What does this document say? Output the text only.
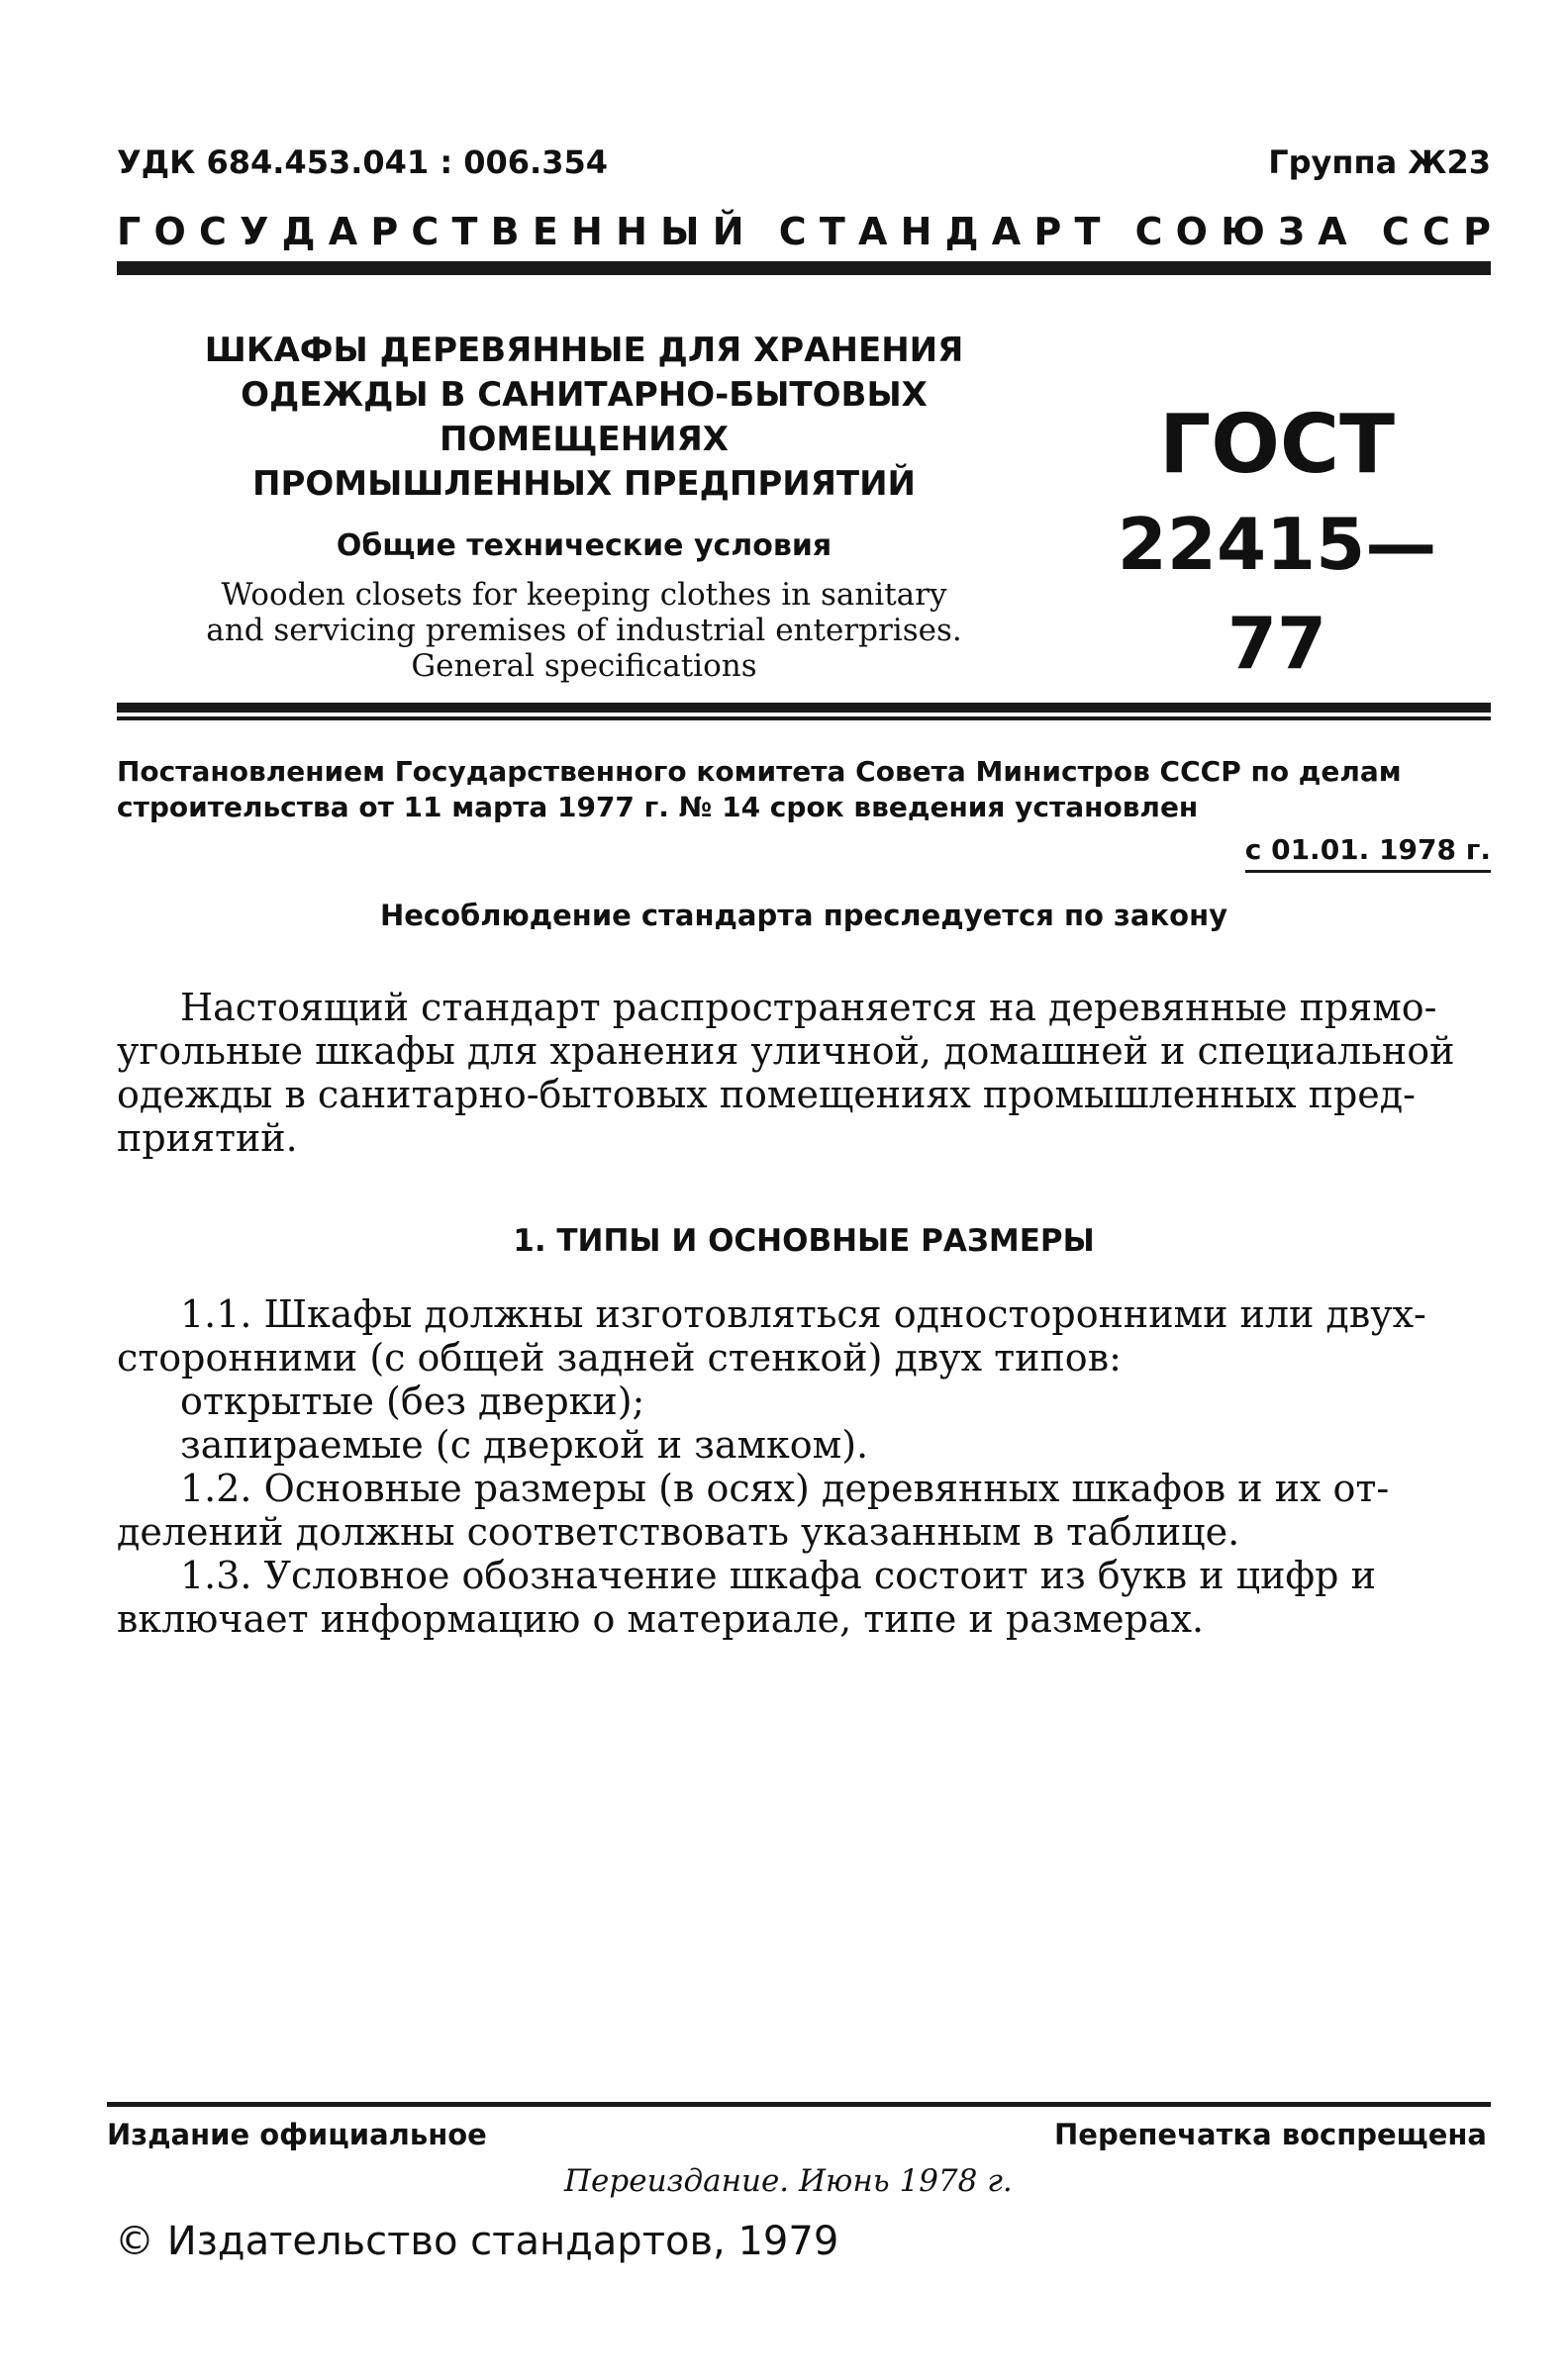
УДК 684.453.041 : 006.354	Группа Ж23
Г О С У Д А Р С Т В Е Н Н Ы Й С Т А Н Д А Р Т С О Ю З А С С Р

ШКАФЫ ДЕРЕВЯННЫЕ ДЛЯ ХРАНЕНИЯ
ОДЕЖДЫ В САНИТАРНО-БЫТОВЫХ ПОМЕЩЕНИЯХ
ПРОМЫШЛЕННЫХ ПРЕДПРИЯТИЙ

Общие технические условия

Wooden closets for keeping clothes in sanitary
and servicing premises of industrial enterprises.
General specifications

ГОСТ
22415—77
Постановлением Государственного комитета Совета Министров СССР по делам
строительства от 11 марта 1977 г. № 14 срок введения установлен
с 01.01. 1978 г.
Несоблюдение стандарта преследуется по закону

Настоящий стандарт распространяется на деревянные прямо-
угольные шкафы для хранения уличной, домашней и специальной
одежды в санитарно-бытовых помещениях промышленных пред-
приятий.

1. ТИПЫ И ОСНОВНЫЕ РАЗМЕРЫ

1.1. Шкафы должны изготовляться односторонними или двух-
сторонними (с общей задней стенкой) двух типов:
открытые (без дверки);
запираемые (с дверкой и замком).
1.2. Основные размеры (в осях) деревянных шкафов и их от-
делений должны соответствовать указанным в таблице.
1.3. Условное обозначение шкафа состоит из букв и цифр и
включает информацию о материале, типе и размерах.

Издание официальное	Перепечатка воспрещена
Переиздание. Июнь 1978 г.
© Издательство стандартов, 1979
